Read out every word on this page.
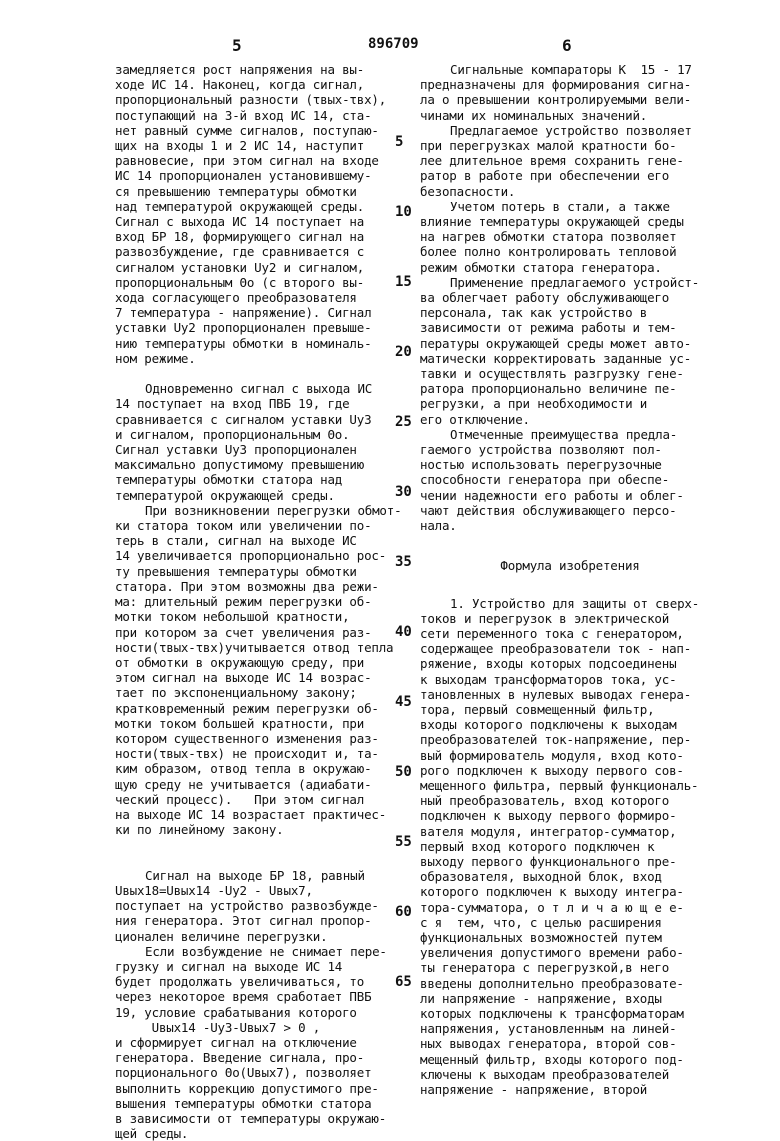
5	896709	6

замедляется рост напряжения на вы-

ходе ИС 14. Наконец, когда сигнал,

пропорциональный разности (τвых-τвх),

поступающий на 3-й вход ИС 14, ста-

нет равный сумме сигналов, поступаю-

щих на входы 1 и 2 ИС 14, наступит

равновесие, при этом сигнал на входе

ИС 14 пропорционален установившему-

ся превышению температуры обмотки

над температурой окружающей среды.

Сигнал с выхода ИС 14 поступает на

вход БР 18, формирующего сигнал на

развозбуждение, где сравнивается с

сигналом установки Uу2 и сигналом,

пропорциональным Θо (с второго вы-

хода согласующего преобразователя

7 температура - напряжение). Сигнал

уставки Uу2 пропорционален превыше-

нию температуры обмотки в номиналь-

ном режиме.

Одновременно сигнал с выхода ИС

14 поступает на вход ПВБ 19, где

сравнивается с сигналом уставки Uу3

и сигналом, пропорциональным Θо.

Сигнал уставки Uу3 пропорционален

максимально допустимому превышению

температуры обмотки статора над

температурой окружающей среды.

При возникновении перегрузки обмот-

ки статора током или увеличении по-

терь в стали, сигнал на выходе ИС

14 увеличивается пропорционально рос-

ту превышения температуры обмотки

статора. При этом возможны два режи-

ма: длительный режим перегрузки об-

мотки током небольшой кратности,

при котором за счет увеличения раз-

ности(τвых-τвх)учитывается отвод тепла

от обмотки в окружающую среду, при

этом сигнал на выходе ИС 14 возрас-

тает по экспоненциальному закону;

кратковременный режим перегрузки об-

мотки током большей кратности, при

котором существенного изменения раз-

ности(τвых-τвх) не происходит и, та-

ким образом, отвод тепла в окружаю-

щую среду не учитывается (адиабати-

ческий процесс).   При этом сигнал

на выходе ИС 14 возрастает практичес-

ки по линейному закону.

Сигнал на выходе БР 18, равный

Uвых18=Uвых14 -Uу2 - Uвых7,

поступает на устройство развозбужде-

ния генератора. Этот сигнал пропор-

ционален величине перегрузки.

Если возбуждение не снимает пере-

грузку и сигнал на выходе ИС 14

будет продолжать увеличиваться, то

через некоторое время сработает ПВБ

19, условие срабатывания которого

Uвых14 -Uу3-Uвых7 > 0 ,

и сформирует сигнал на отключение

генератора. Введение сигнала, про-

порционального Θо(Uвых7), позволяет

выполнить коррекцию допустимого пре-

вышения температуры обмотки статора

в зависимости от температуры окружаю-

щей среды.

Сигнальные компараторы К  15 - 17

предназначены для формирования сигна-

ла о превышении контролируемыми вели-

чинами их номинальных значений.

Предлагаемое устройство позволяет

при перегрузках малой кратности бо-

лее длительное время сохранить гене-

ратор в работе при обеспечении его

безопасности.

Учетом потерь в стали, а также

влияние температуры окружающей среды

на нагрев обмотки статора позволяет

более полно контролировать тепловой

режим обмотки статора генератора.

Применение предлагаемого устройст-

ва облегчает работу обслуживающего

персонала, так как устройство в

зависимости от режима работы и тем-

пературы окружающей среды может авто-

матически корректировать заданные ус-

тавки и осуществлять разгрузку гене-

ратора пропорционально величине пе-

регрузки, а при необходимости и

его отключение.

Отмеченные преимущества предла-

гаемого устройства позволяют пол-

ностью использовать перегрузочные

способности генератора при обеспе-

чении надежности его работы и облег-

чают действия обслуживающего персо-

нала.

Формула изобретения

1. Устройство для защиты от сверх-

токов и перегрузок в электрической

сети переменного тока с генератором,

содержащее преобразователи ток - нап-

ряжение, входы которых подсоединены

к выходам трансформаторов тока, ус-

тановленных в нулевых выводах генера-

тора, первый совмещенный фильтр,

входы которого подключены к выходам

преобразователей ток-напряжение, пер-

вый формирователь модуля, вход кото-

рого подключен к выходу первого сов-

мещенного фильтра, первый функциональ-

ный преобразователь, вход которого

подключен к выходу первого формиро-

вателя модуля, интегратор-сумматор,

первый вход которого подключен к

выходу первого функционального пре-

образователя, выходной блок, вход

которого подключен к выходу интегра-

тора-сумматора, о т л и ч а ю щ е е-

с я  тем, что, с целью расширения

функциональных возможностей путем

увеличения допустимого времени рабо-

ты генератора с перегрузкой,в него

введены дополнительно преобразовате-

ли напряжение - напряжение, входы

которых подключены к трансформаторам

напряжения, установленным на линей-

ных выводах генератора, второй сов-

мещенный фильтр, входы которого под-

ключены к выходам преобразователей

напряжение - напряжение, второй

5
10
15
20
25
30
35
40
45
50
55
60
65
